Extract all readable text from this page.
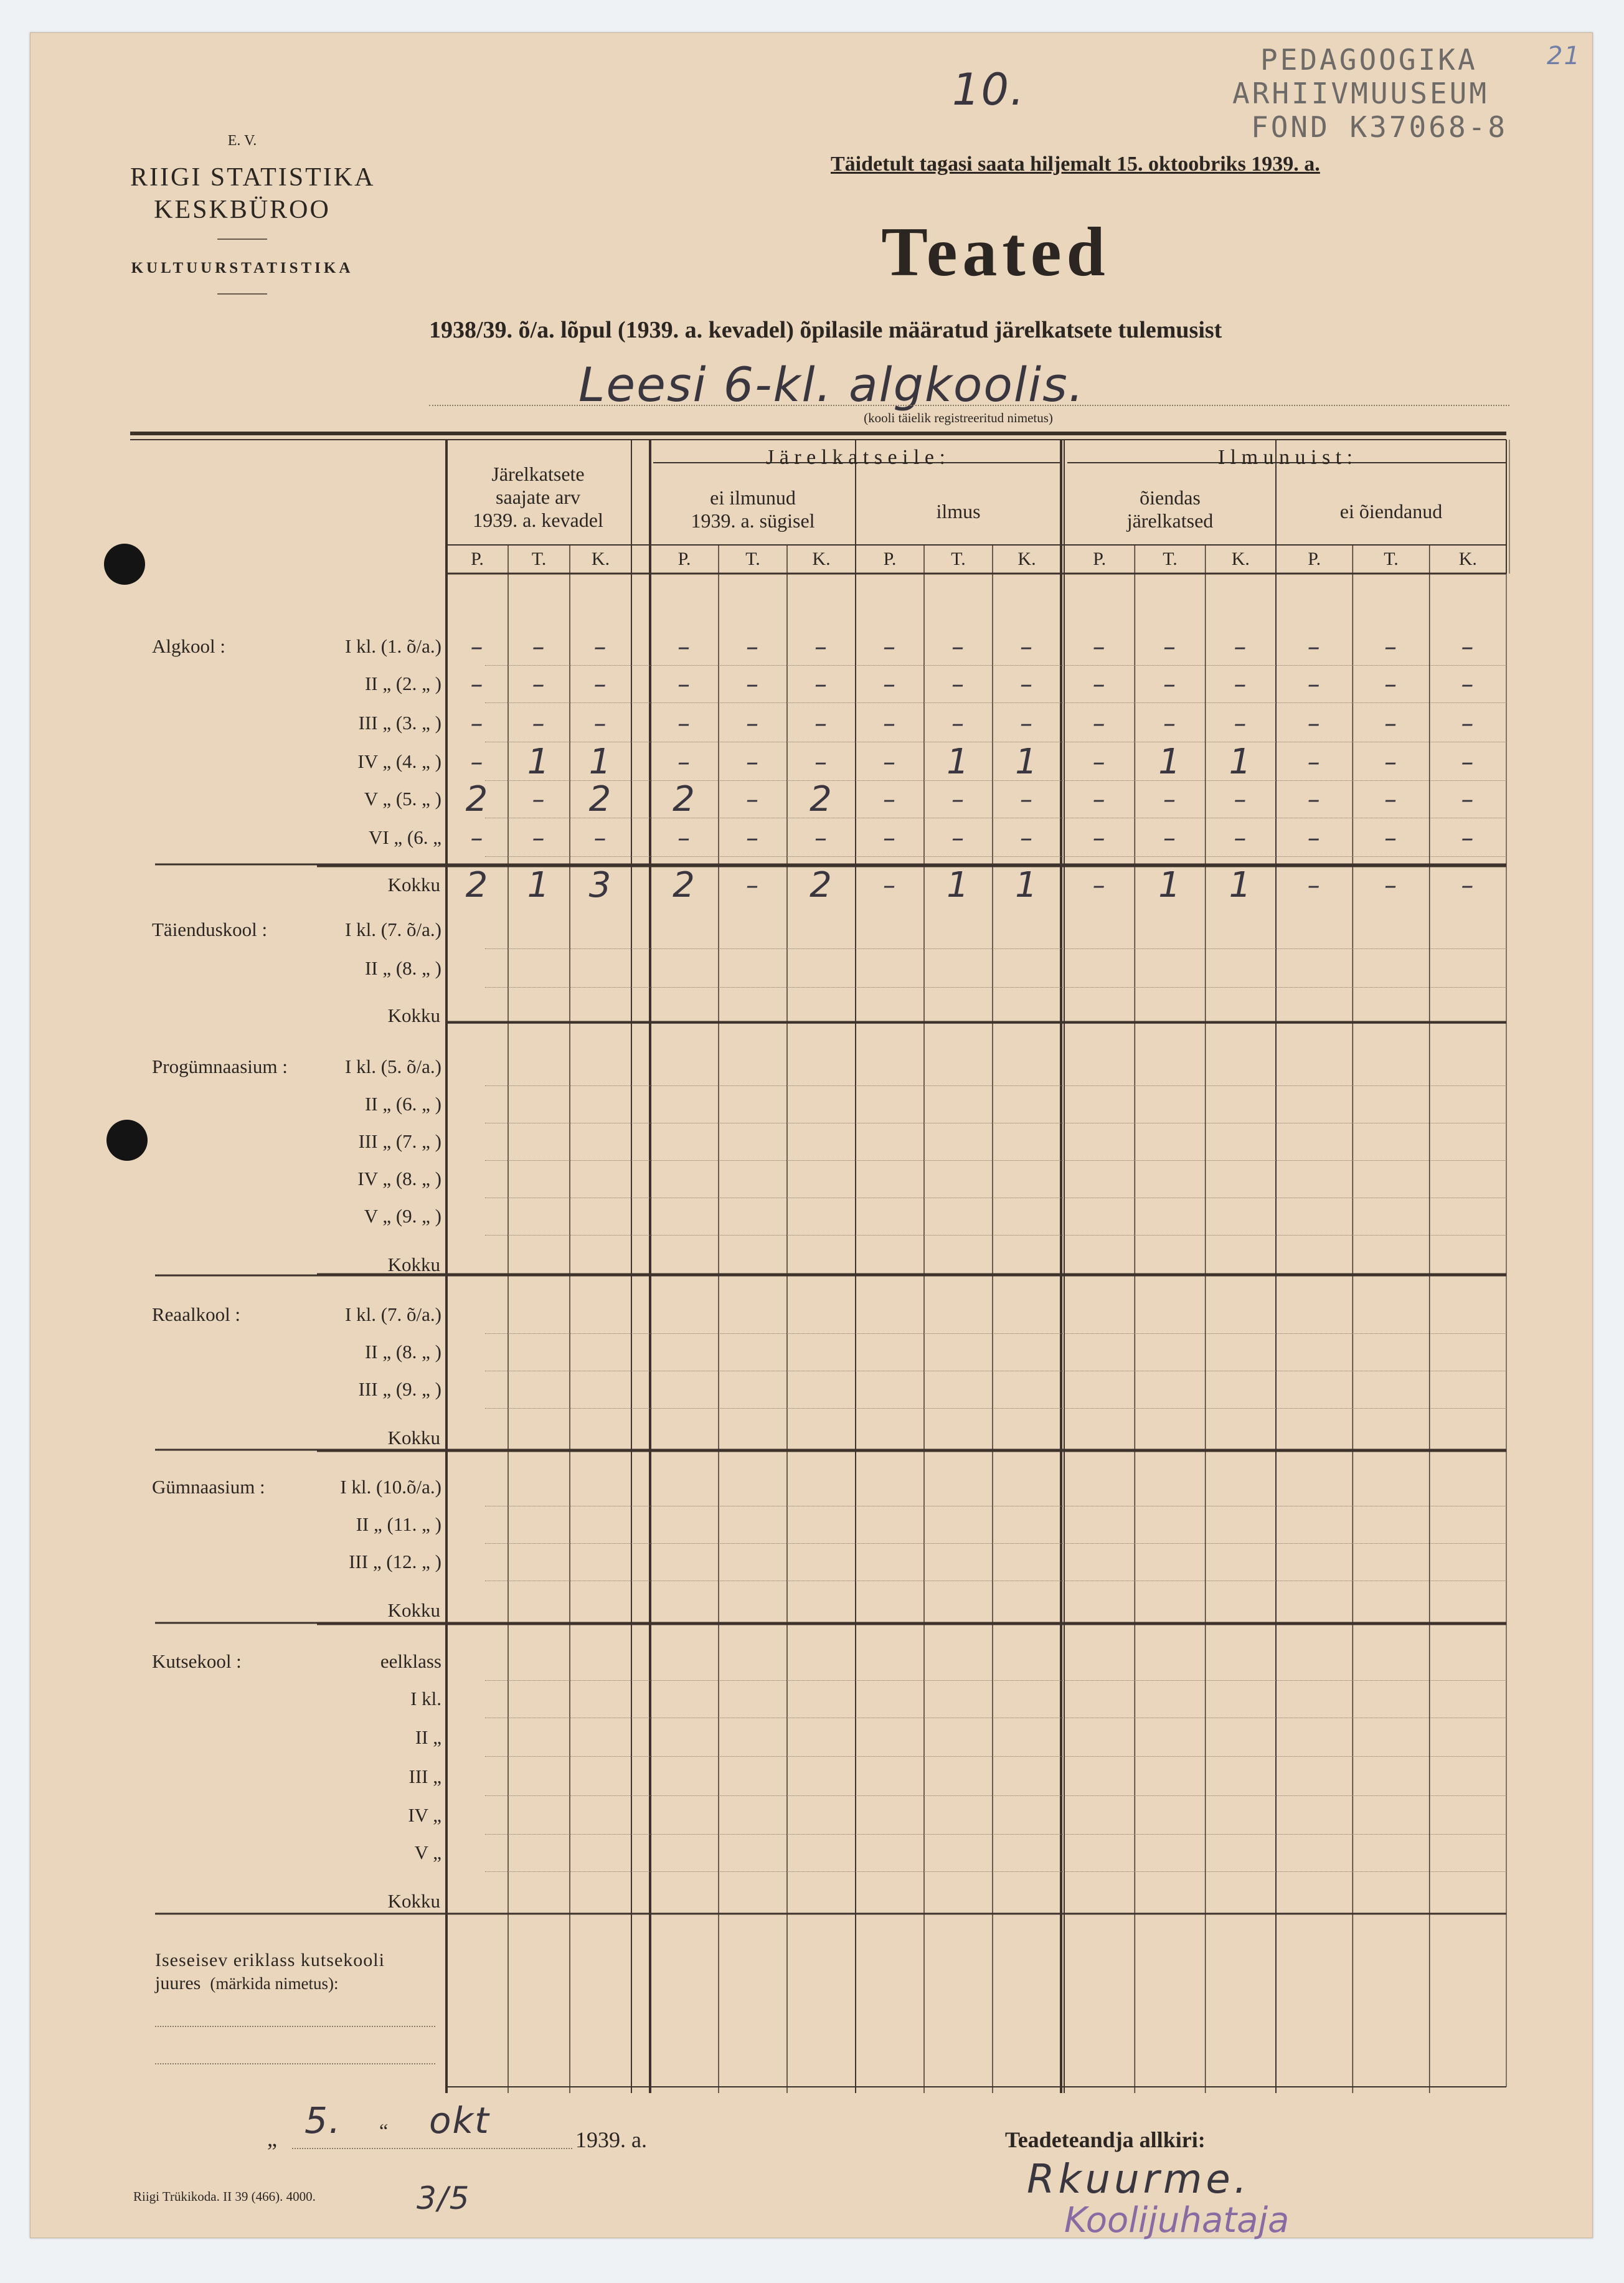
PEDAGOOGIKA
ARHIIVMUUSEUM
FOND K37068-8
21
10.
E. V.
RIIGI STATISTIKA
KESKBÜROO
KULTUURSTATISTIKA
Täidetult tagasi saata hiljemalt 15. oktoobriks 1939. a.
Teated
1938/39. õ/a. lõpul (1939. a. kevadel) õpilasile määratud järelkatsete tulemusist
Leesi 6-kl. algkoolis.
(kooli täielik registreeritud nimetus)
Järelkatsete
saajate arv
1939. a. kevadel
J ä r e l k a t s e i l e :	I l m u n u i s t :
ei ilmunud
1939. a. sügisel	ilmus
õiendas
järelkatsed	ei õiendanud
P.	T.	K.	P.	T.	K.	P.	T.	K.	P.	T.	K.	P.	T.	K.
Algkool :	I kl. (1. õ/a.)	–	–	–	–	–	–	–	–	–	–	–	–	–	–	–
II „ (2. „ )	–	–	–	–	–	–	–	–	–	–	–	–	–	–	–
III „ (3. „ )	–	–	–	–	–	–	–	–	–	–	–	–	–	–	–
IV „ (4. „ )	–	1	1	–	–	–	–	1	1	–	1	1	–	–	–
V „ (5. „ ) 2	–	2	2	–	2	–	–	–	–	–	–	–	–	–
VI „ (6. „	–	–	–	–	–	–	–	–	–	–	–	–	–	–	–
Kokku 2	1	3	2	–	2	–	1	1	–	1	1	–	–	–
Täienduskool :	I kl. (7. õ/a.)
II „ (8. „ )
Kokku
Progümnaasium :	I kl. (5. õ/a.)
II „ (6. „ )
III „ (7. „ )
IV „ (8. „ )
V „ (9. „ )
Kokku
Reaalkool :	I kl. (7. õ/a.)
II „ (8. „ )
III „ (9. „ )
Kokku
Gümnaasium :	I kl. (10.õ/a.)
II „ (11. „ )
III „ (12. „ )
Kokku
Kutsekool :	eelklass
I kl.
II „
III „
IV „
V „
Kokku
Iseseisev eriklass kutsekooli
juures (märkida nimetus):
„ 5. “ okt	1939. a.	Teadeteandja allkiri:
Rkuurme.
Koolijuhataja
Riigi Trükikoda. II 39 (466). 4000.	3/5
